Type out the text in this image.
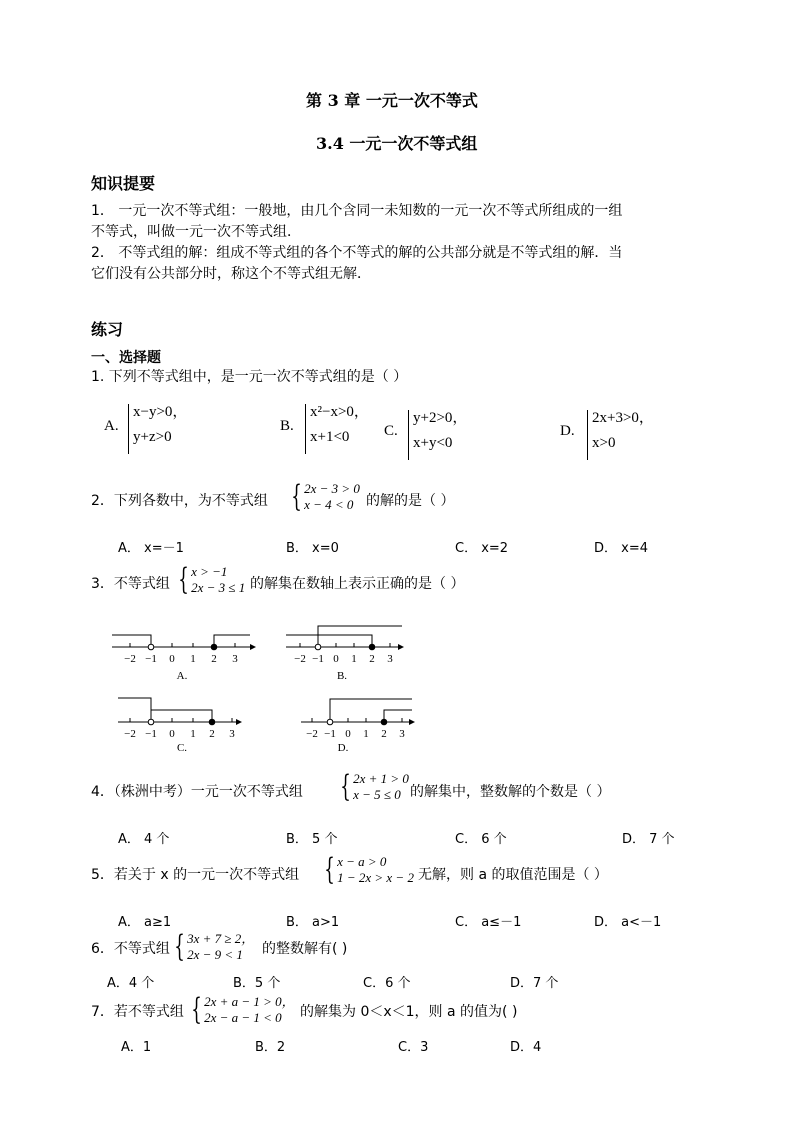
第 3 章 一元一次不等式
3.4 一元一次不等式组
知识提要
1． 一元一次不等式组：一般地，由几个含同一未知数的一元一次不等式所组成的一组
不等式，叫做一元一次不等式组．
2． 不等式组的解：组成不等式组的各个不等式的解的公共部分就是不等式组的解．当
它们没有公共部分时，称这个不等式组无解．
练习
一、选择题
1. 下列不等式组中，是一元一次不等式组的是（ ）
A.
x−y>0，
y+z>0
B.
x²−x>0，
x+1<0	C.
y+2>0，
x+y<0
D.
2x+3>0，
x>0
2．下列各数中，为不等式组 { 2x − 3 > 0
x − 4 < 0 的解的是（ ）
A． x=－1	B． x=0	C． x=2	D． x=4
3．不等式组 { x > −1
2x − 3 ≤ 1 的解集在数轴上表示正确的是（ ）
−2 −1 0 1 2 3
A.
−2 −1 0 1 2 3
B.
−2 −1 0 1 2 3
C.
−2 −1 0 1 2 3
D.
4．（株洲中考）一元一次不等式组 { 2x + 1 > 0
x − 5 ≤ 0 的解集中，整数解的个数是（ ）
A． 4 个	B． 5 个	C． 6 个	D． 7 个
5．若关于 x 的一元一次不等式组 { x − a > 0
1 − 2x > x − 2 无解，则 a 的取值范围是（ ）
A． a≥1	B． a>1	C． a≤－1	D． a<－1
6．不等式组 { 3x + 7 ≥ 2，
2x − 9 < 1	的整数解有( )
A．4 个	B．5 个	C．6 个	D．7 个
7．若不等式组 { 2x + a − 1 > 0，
2x − a − 1 < 0	的解集为 0＜x＜1，则 a 的值为( )
A．1	B．2	C．3	D．4
